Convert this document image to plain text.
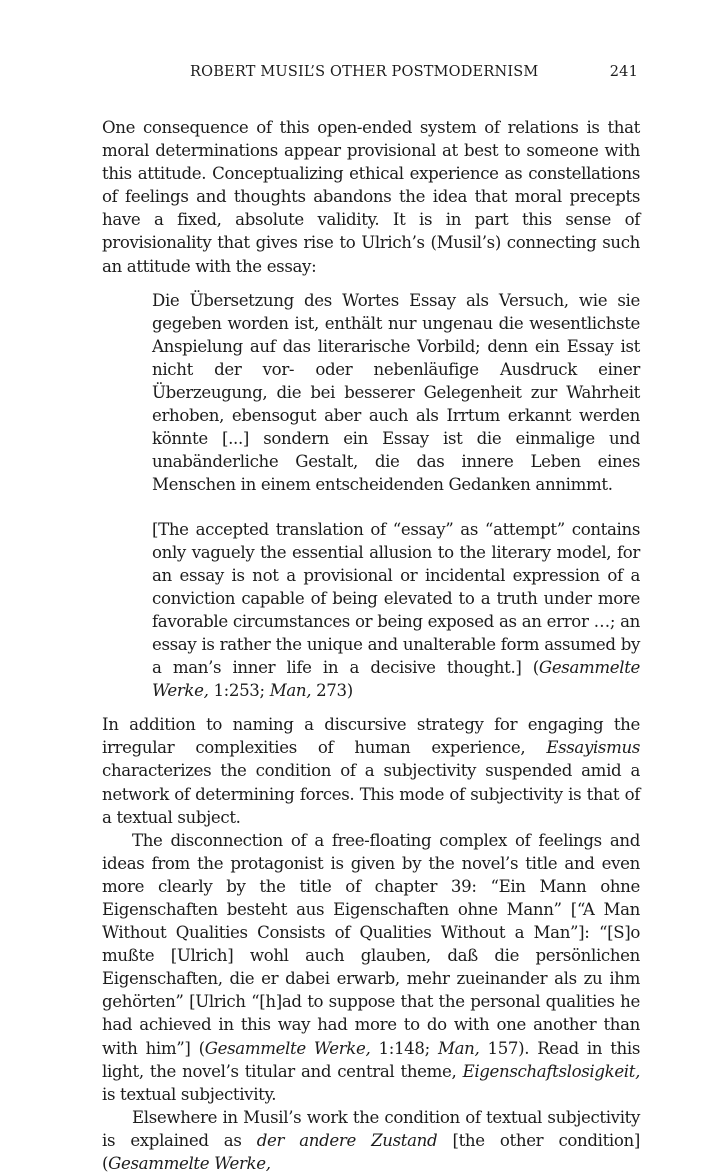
ROBERT MUSIL’S OTHER POSTMODERNISM	241

One consequence of this open-ended system of relations is that moral determinations appear provisional at best to someone with this attitude. Conceptualizing ethical experience as constellations of feelings and thoughts abandons the idea that moral precepts have a fixed, absolute validity. It is in part this sense of provisionality that gives rise to Ulrich’s (Musil’s) connecting such an attitude with the essay:

Die Übersetzung des Wortes Essay als Versuch, wie sie gegeben worden ist, enthält nur ungenau die wesentlichste Anspielung auf das literarische Vorbild; denn ein Essay ist nicht der vor- oder nebenläufige Ausdruck einer Überzeugung, die bei besserer Gelegenheit zur Wahrheit erhoben, ebensogut aber auch als Irrtum erkannt werden könnte [...] sondern ein Essay ist die einmalige und unabänderliche Gestalt, die das innere Leben eines Menschen in einem entscheidenden Gedanken annimmt.

[The accepted translation of “essay” as “attempt” contains only vaguely the essential allusion to the literary model, for an essay is not a provisional or incidental expression of a conviction capable of being elevated to a truth under more favorable circumstances or being exposed as an error …; an essay is rather the unique and unalterable form assumed by a man’s inner life in a decisive thought.] (Gesammelte Werke, 1:253; Man, 273)

In addition to naming a discursive strategy for engaging the irregular complexities of human experience, Essayismus characterizes the condition of a subjectivity suspended amid a network of determining forces. This mode of subjectivity is that of a textual subject.

The disconnection of a free-floating complex of feelings and ideas from the protagonist is given by the novel’s title and even more clearly by the title of chapter 39: “Ein Mann ohne Eigenschaften besteht aus Eigenschaften ohne Mann” [“A Man Without Qualities Consists of Qualities Without a Man”]: “[S]o mußte [Ulrich] wohl auch glauben, daß die persönlichen Eigenschaften, die er dabei erwarb, mehr zueinander als zu ihm gehörten” [Ulrich “[h]ad to suppose that the personal qualities he had achieved in this way had more to do with one another than with him”] (Gesammelte Werke, 1:148; Man, 157). Read in this light, the novel’s titular and central theme, Eigenschaftslosigkeit, is textual subjectivity.

Elsewhere in Musil’s work the condition of textual subjectivity is explained as der andere Zustand [the other condition] (Gesammelte Werke,
